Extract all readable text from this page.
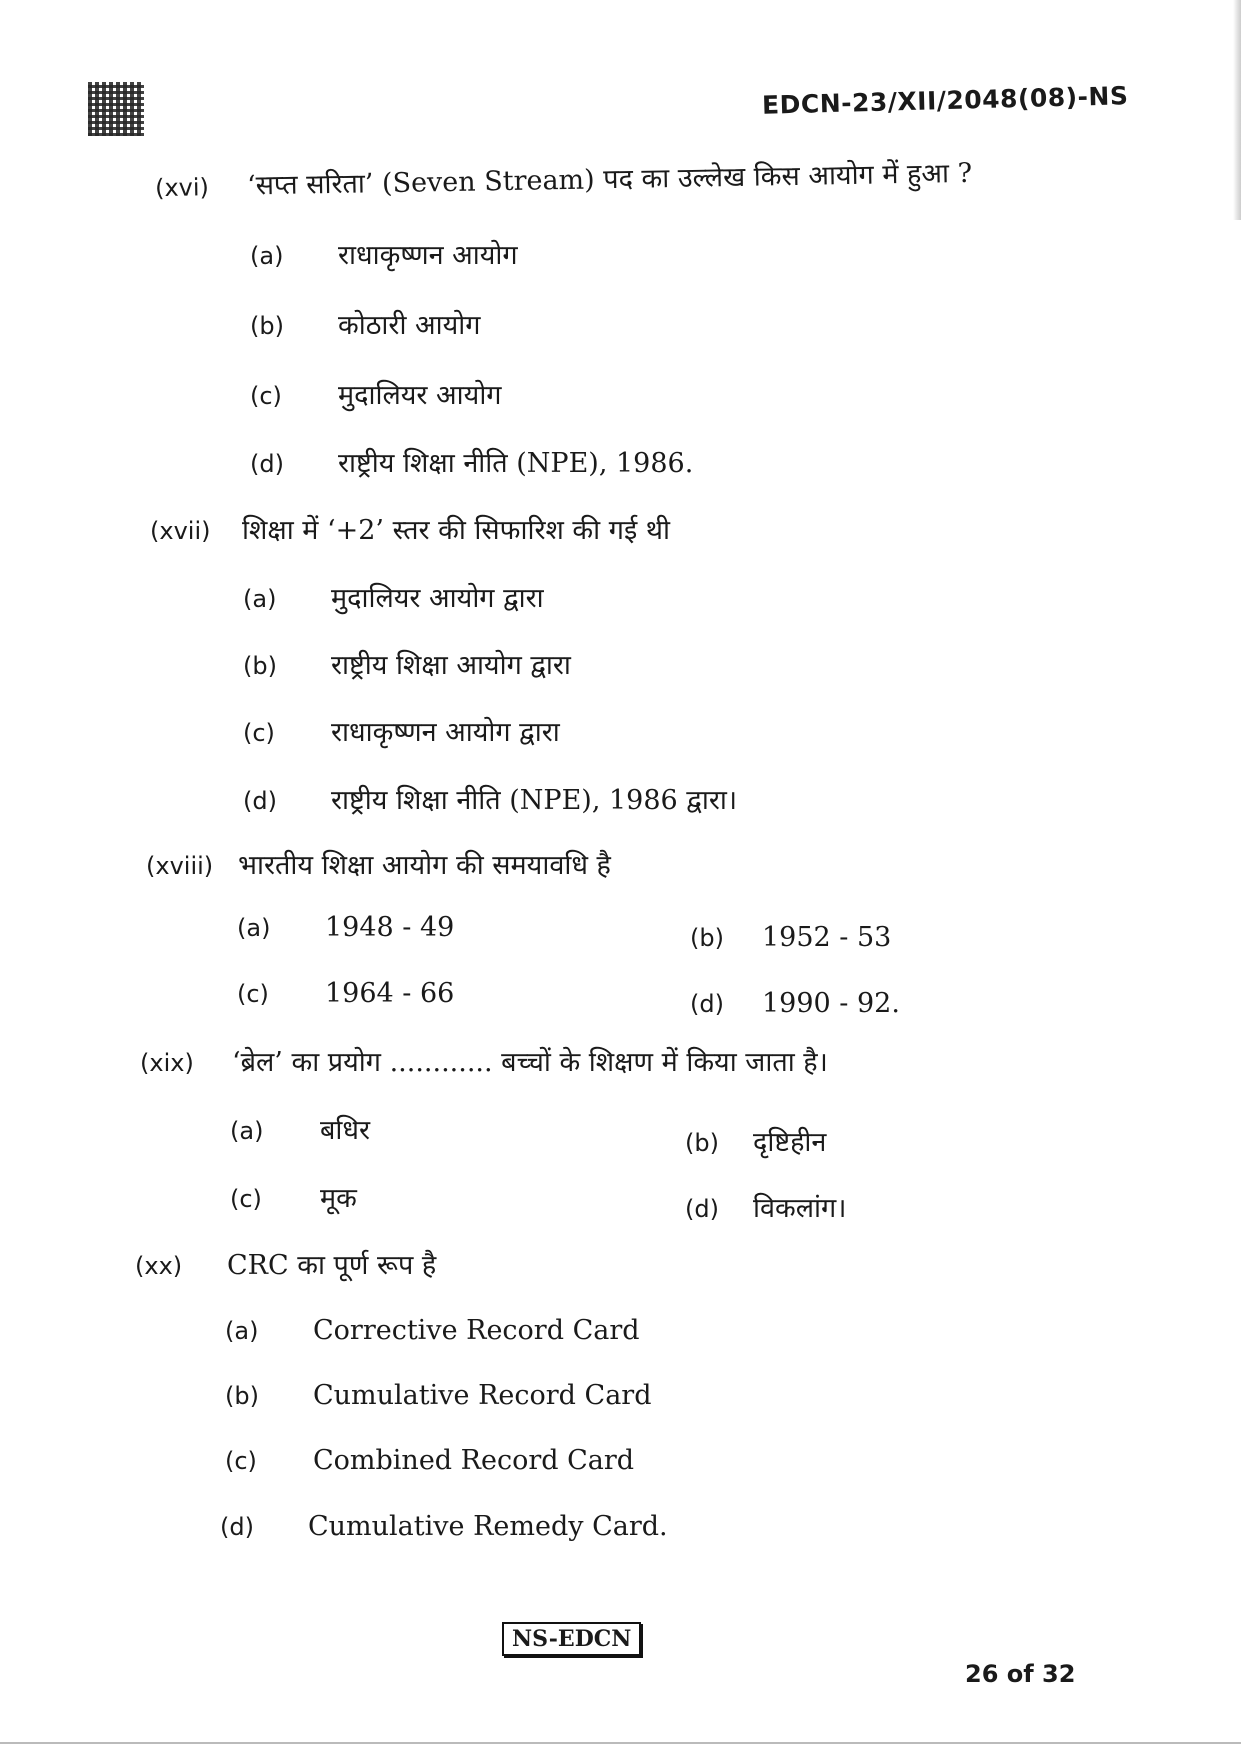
EDCN-23/XII/2048(08)-NS
(xvi) ‘सप्त सरिता’ (Seven Stream) पद का उल्लेख किस आयोग में हुआ ?
(a) राधाकृष्णन आयोग
(b) कोठारी आयोग
(c) मुदालियर आयोग
(d) राष्ट्रीय शिक्षा नीति (NPE), 1986.
(xvii) शिक्षा में ‘+2’ स्तर की सिफारिश की गई थी
(a) मुदालियर आयोग द्वारा
(b) राष्ट्रीय शिक्षा आयोग द्वारा
(c) राधाकृष्णन आयोग द्वारा
(d) राष्ट्रीय शिक्षा नीति (NPE), 1986 द्वारा।
(xviii) भारतीय शिक्षा आयोग की समयावधि है
(a) 1948 - 49	(b) 1952 - 53
(c) 1964 - 66	(d) 1990 - 92.
(xix) ‘ब्रेल’ का प्रयोग ............ बच्चों के शिक्षण में किया जाता है।
(a) बधिर	(b) दृष्टिहीन
(c) मूक	(d) विकलांग।
(xx) CRC का पूर्ण रूप है
(a) Corrective Record Card
(b) Cumulative Record Card
(c) Combined Record Card
(d) Cumulative Remedy Card.
NS-EDCN
26 of 32
